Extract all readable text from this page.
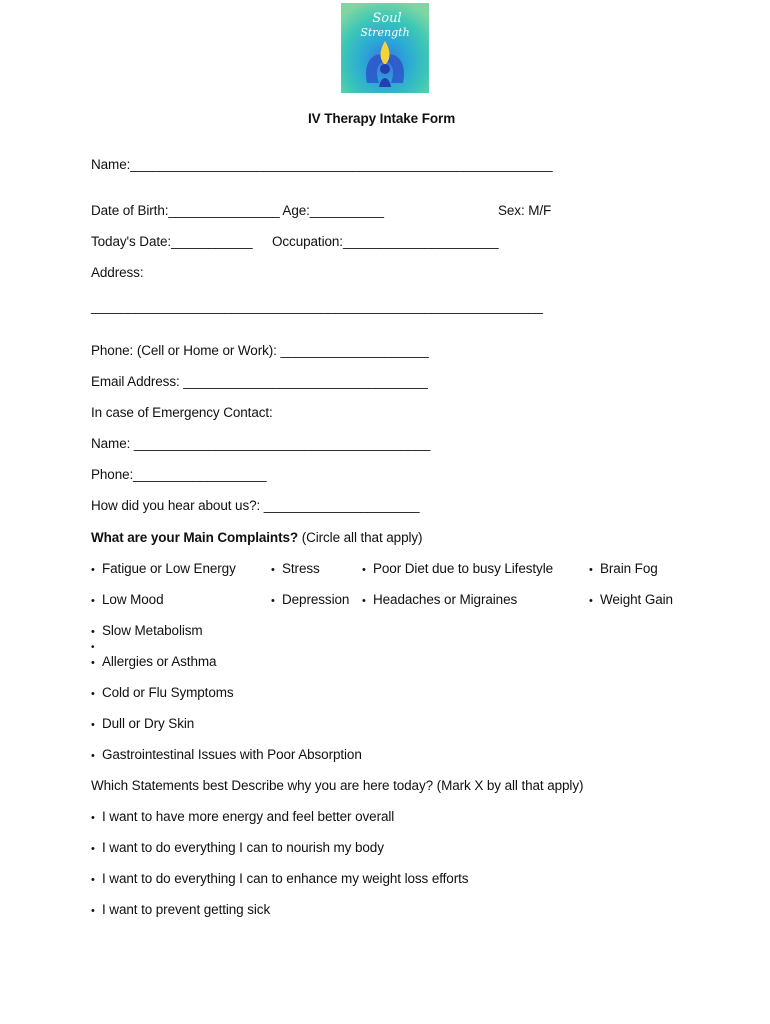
Soul
Strength
IV Therapy Intake Form
Name:_________________________________________________________
Date of Birth:_______________ Age:__________	Sex: M/F
Today's Date:___________ Occupation:_____________________
Address:
_____________________________________________________________
Phone: (Cell or Home or Work): ____________________
Email Address: _________________________________
In case of Emergency Contact:
Name: ________________________________________
Phone:__________________
How did you hear about us?: _____________________
What are your Main Complaints? (Circle all that apply)
• Fatigue or Low Energy	• Stress	• Poor Diet due to busy Lifestyle	• Brain Fog
• Low Mood	• Depression	• Headaches or Migraines	• Weight Gain
• Slow Metabolism
•
• Allergies or Asthma
• Cold or Flu Symptoms
• Dull or Dry Skin
• Gastrointestinal Issues with Poor Absorption
Which Statements best Describe why you are here today? (Mark X by all that apply)
• I want to have more energy and feel better overall
• I want to do everything I can to nourish my body
• I want to do everything I can to enhance my weight loss efforts
• I want to prevent getting sick
